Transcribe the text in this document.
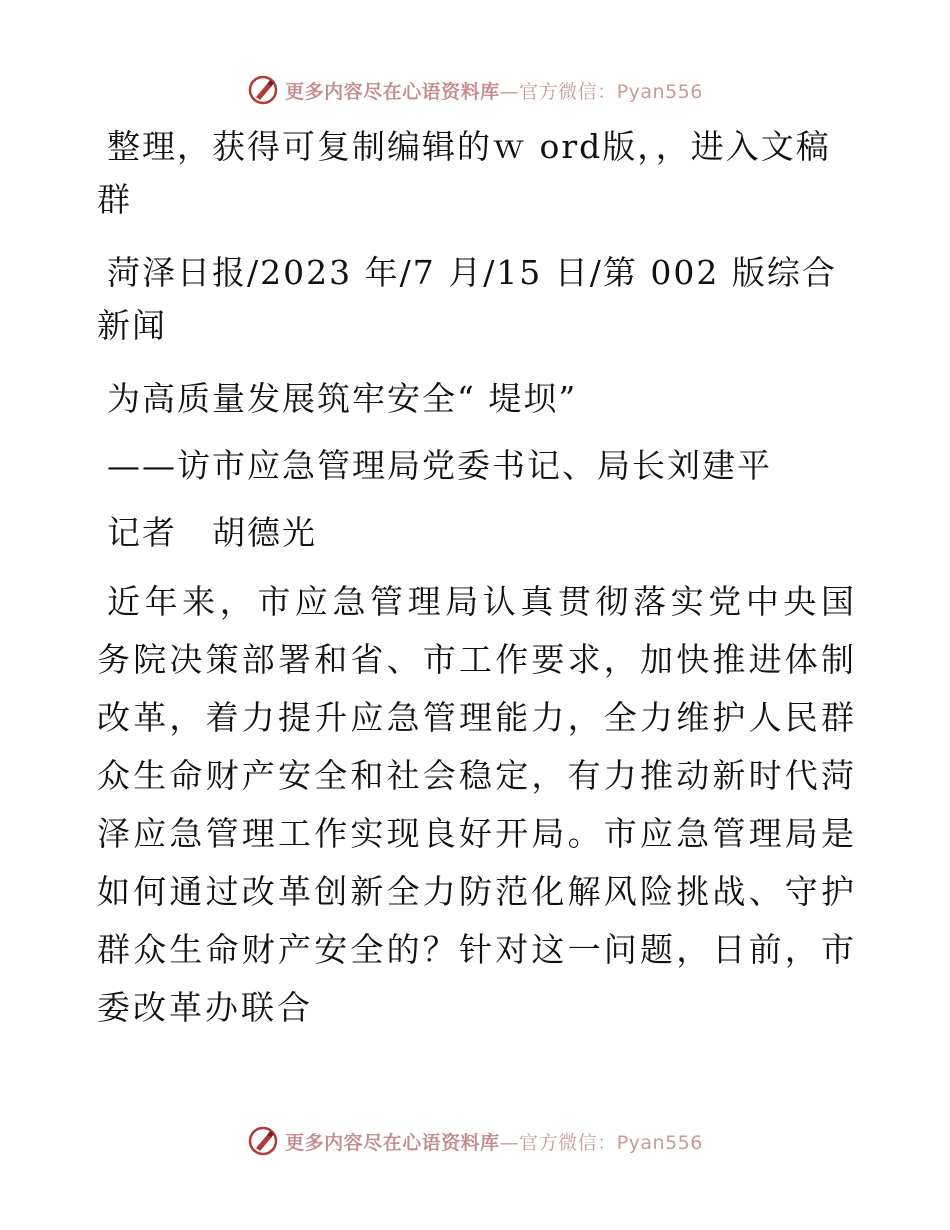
更多内容尽在心语资料库—官方微信：Pyan556

整理，获得可复制编辑的ｗ ord版，，进入文稿群

菏泽日报/2023 年/7 月/15 日/第 002 版综合新闻

为高质量发展筑牢安全“ 堤坝”

——访市应急管理局党委书记、局长刘建平

记者　胡德光

近年来，市应急管理局认真贯彻落实党中央国务院决策部署和省、市工作要求，加快推进体制改革，着力提升应急管理能力，全力维护人民群众生命财产安全和社会稳定，有力推动新时代菏泽应急管理工作实现良好开局。市应急管理局是如何通过改革创新全力防范化解风险挑战、守护群众生命财产安全的？针对这一问题，日前，市委改革办联合

更多内容尽在心语资料库—官方微信：Pyan556
